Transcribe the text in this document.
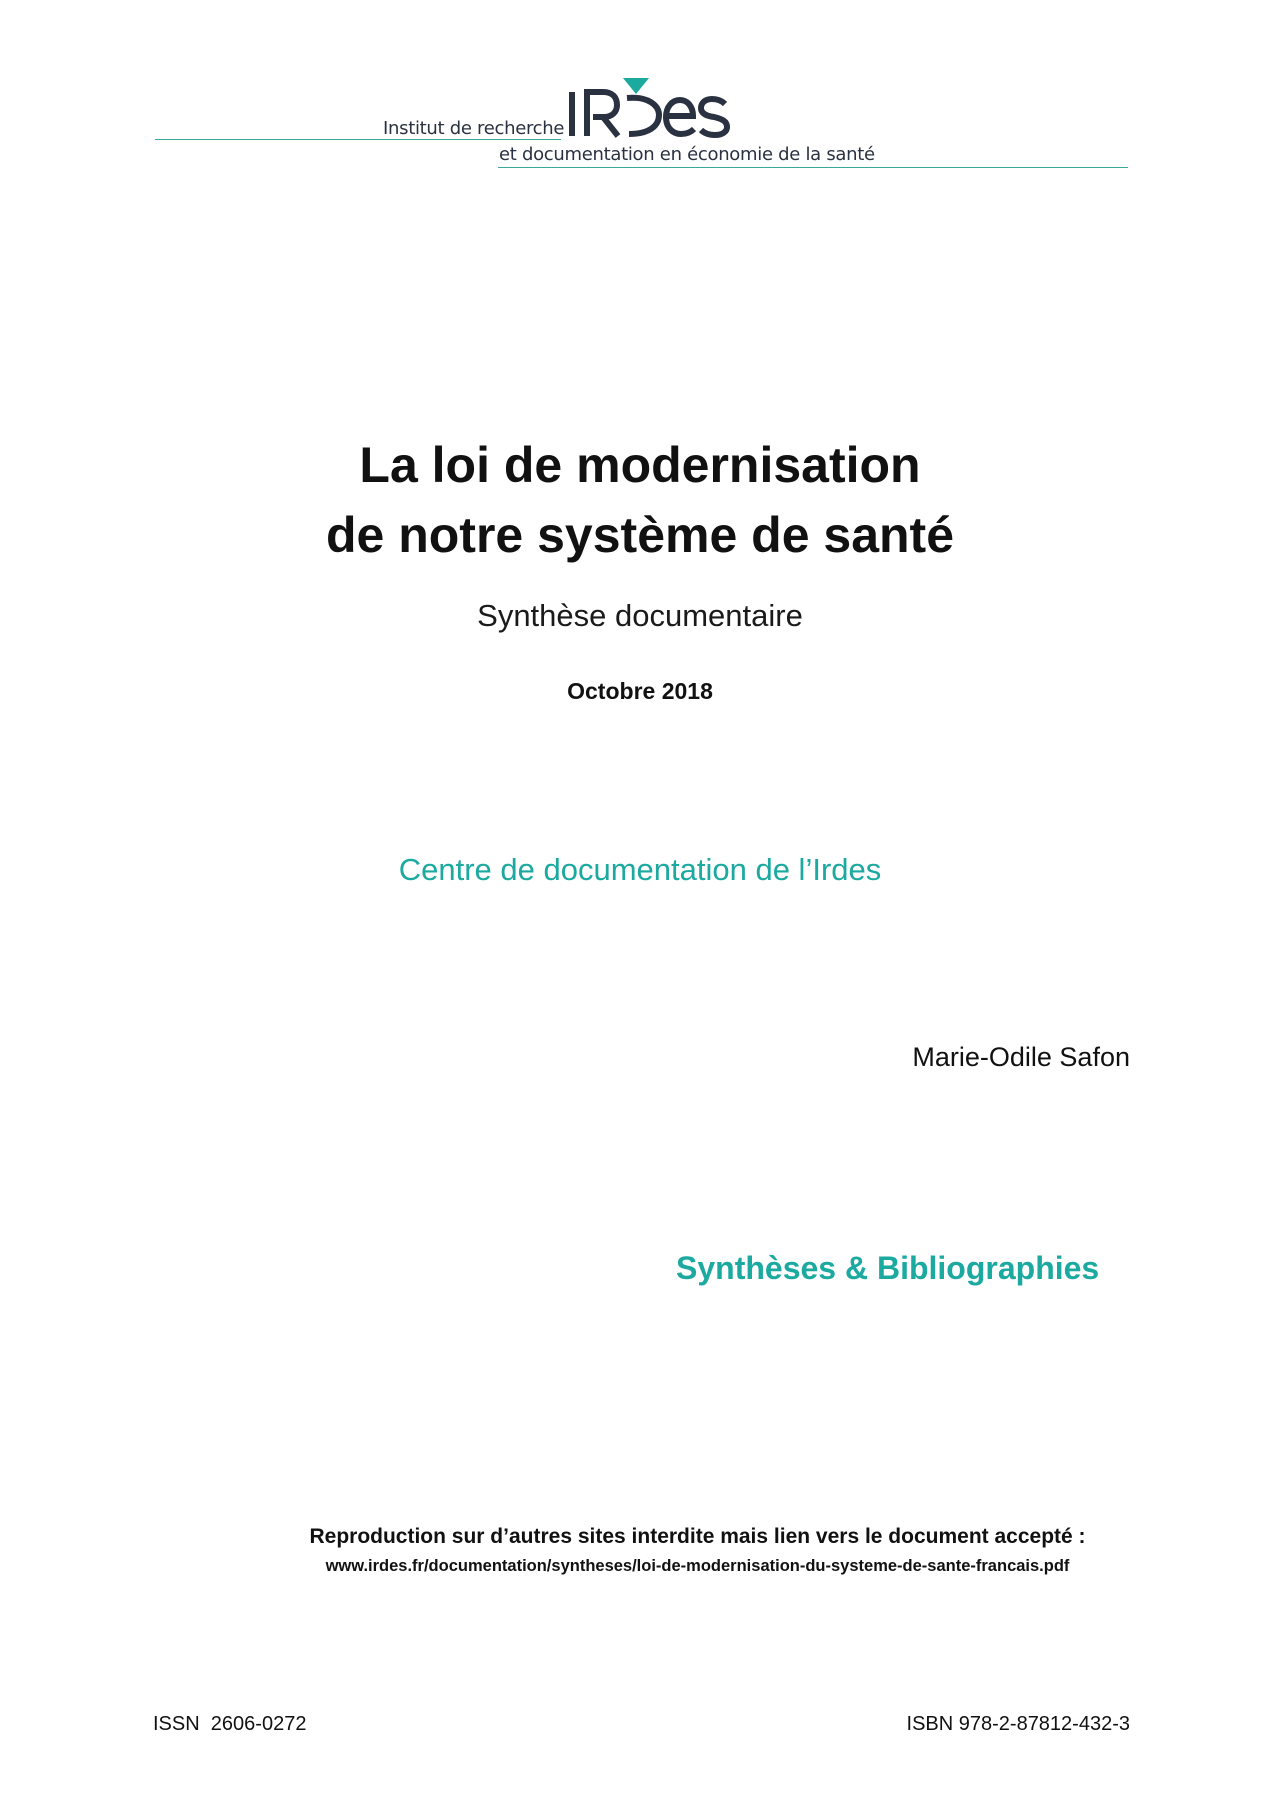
Institut de recherche
et documentation en économie de la santé
IRDES
La loi de modernisation
de notre système de santé
Synthèse documentaire
Octobre 2018
Centre de documentation de l’Irdes
Marie-Odile Safon
Synthèses & Bibliographies
Reproduction sur d’autres sites interdite mais lien vers le document accepté :
www.irdes.fr/documentation/syntheses/loi-de-modernisation-du-systeme-de-sante-francais.pdf
ISSN  2606-0272	ISBN 978-2-87812-432-3
